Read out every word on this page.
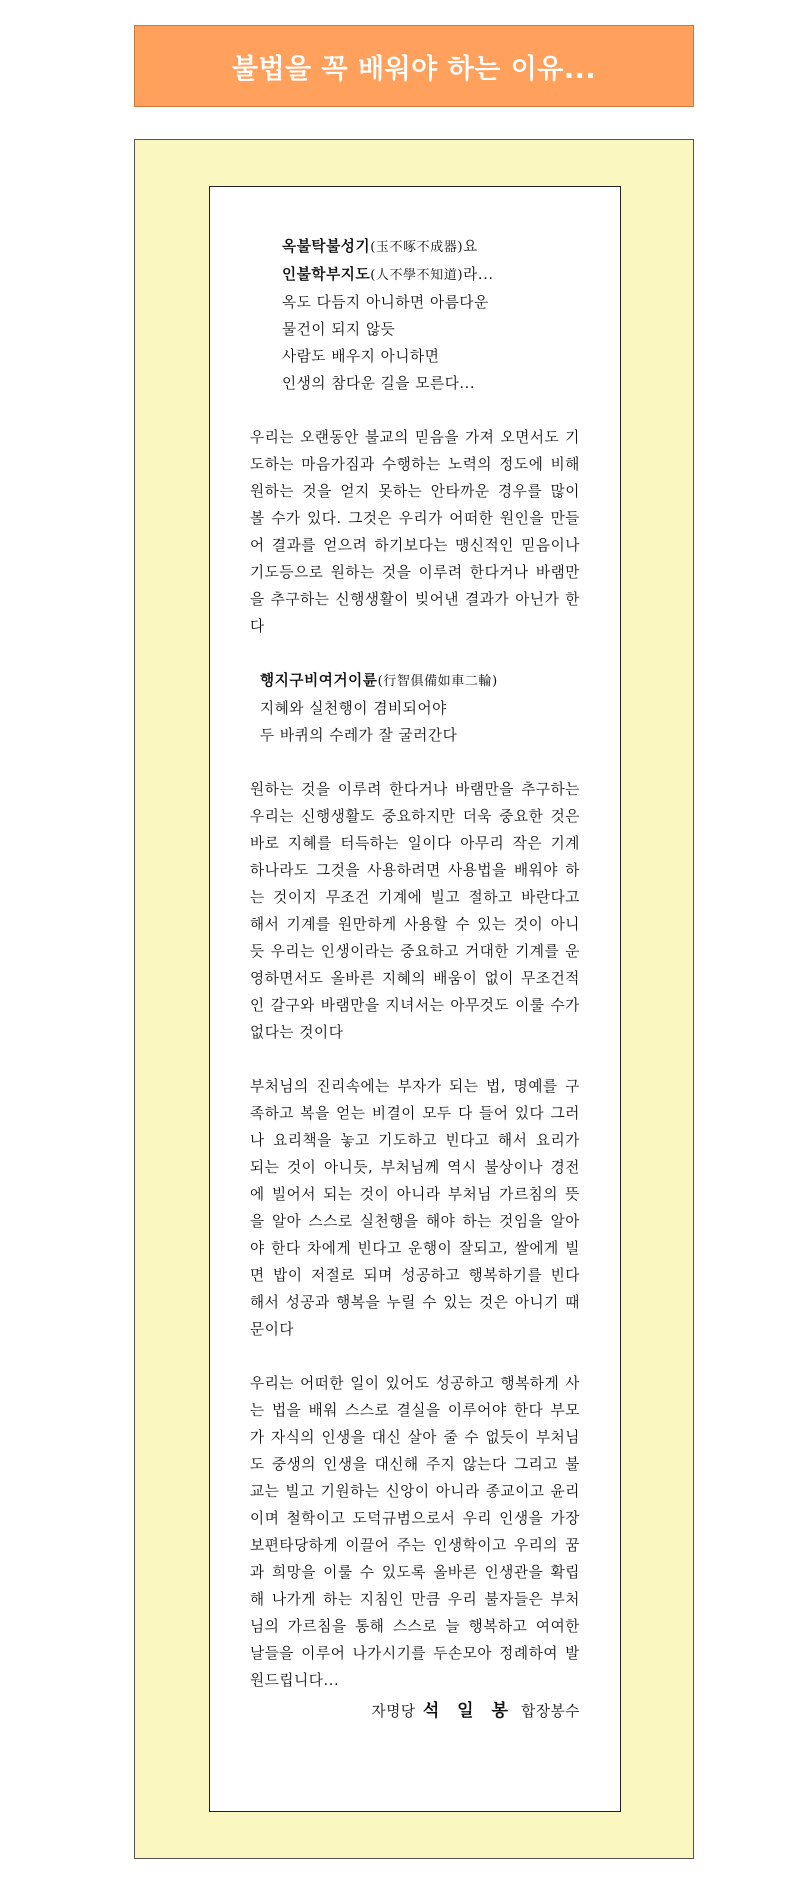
불법을 꼭 배워야 하는 이유...
옥불탁불성기(玉不啄不成器)요
인불학부지도(人不學不知道)라...
옥도 다듬지 아니하면 아름다운
물건이 되지 않듯
사람도 배우지 아니하면
인생의 참다운 길을 모른다...

우리는 오랜동안 불교의 믿음을 가져 오면서도 기도하는 마음가짐과 수행하는 노력의 정도에 비해 원하는 것을 얻지 못하는 안타까운 경우를 많이 볼 수가 있다. 그것은 우리가 어떠한 원인을 만들어 결과를 얻으려 하기보다는 맹신적인 믿음이나 기도등으로 원하는 것을 이루려 한다거나 바램만을 추구하는 신행생활이 빚어낸 결과가 아닌가 한다

행지구비여거이륜(行智俱備如車二輪)
지혜와 실천행이 겸비되어야
두 바퀴의 수레가 잘 굴러간다

원하는 것을 이루려 한다거나 바램만을 추구하는 우리는 신행생활도 중요하지만 더욱 중요한 것은 바로 지혜를 터득하는 일이다 아무리 작은 기계 하나라도 그것을 사용하려면 사용법을 배워야 하는 것이지 무조건 기계에 빌고 절하고 바란다고 해서 기계를 원만하게 사용할 수 있는 것이 아니듯 우리는 인생이라는 중요하고 거대한 기계를 운영하면서도 올바른 지혜의 배움이 없이 무조건적인 갈구와 바램만을 지녀서는 아무것도 이룰 수가 없다는 것이다

부처님의 진리속에는 부자가 되는 법, 명예를 구족하고 복을 얻는 비결이 모두 다 들어 있다 그러나 요리책을 놓고 기도하고 빈다고 해서 요리가 되는 것이 아니듯, 부처님께 역시 불상이나 경전에 빌어서 되는 것이 아니라 부처님 가르침의 뜻을 알아 스스로 실천행을 해야 하는 것임을 알아야 한다 차에게 빈다고 운행이 잘되고, 쌀에게 빌면 밥이 저절로 되며 성공하고 행복하기를 빈다 해서 성공과 행복을 누릴 수 있는 것은 아니기 때문이다

우리는 어떠한 일이 있어도 성공하고 행복하게 사는 법을 배워 스스로 결실을 이루어야 한다 부모가 자식의 인생을 대신 살아 줄 수 없듯이 부처님도 중생의 인생을 대신해 주지 않는다 그리고 불교는 빌고 기원하는 신앙이 아니라 종교이고 윤리이며 철학이고 도덕규범으로서 우리 인생을 가장 보편타당하게 이끌어 주는 인생학이고 우리의 꿈과 희망을 이룰 수 있도록 올바른 인생관을 확립해 나가게 하는 지침인 만큼 우리 불자들은 부처님의 가르침을 통해 스스로 늘 행복하고 여여한 날들을 이루어 나가시기를 두손모아 정례하여 발원드립니다...

자명당 석 일 봉 합장봉수
